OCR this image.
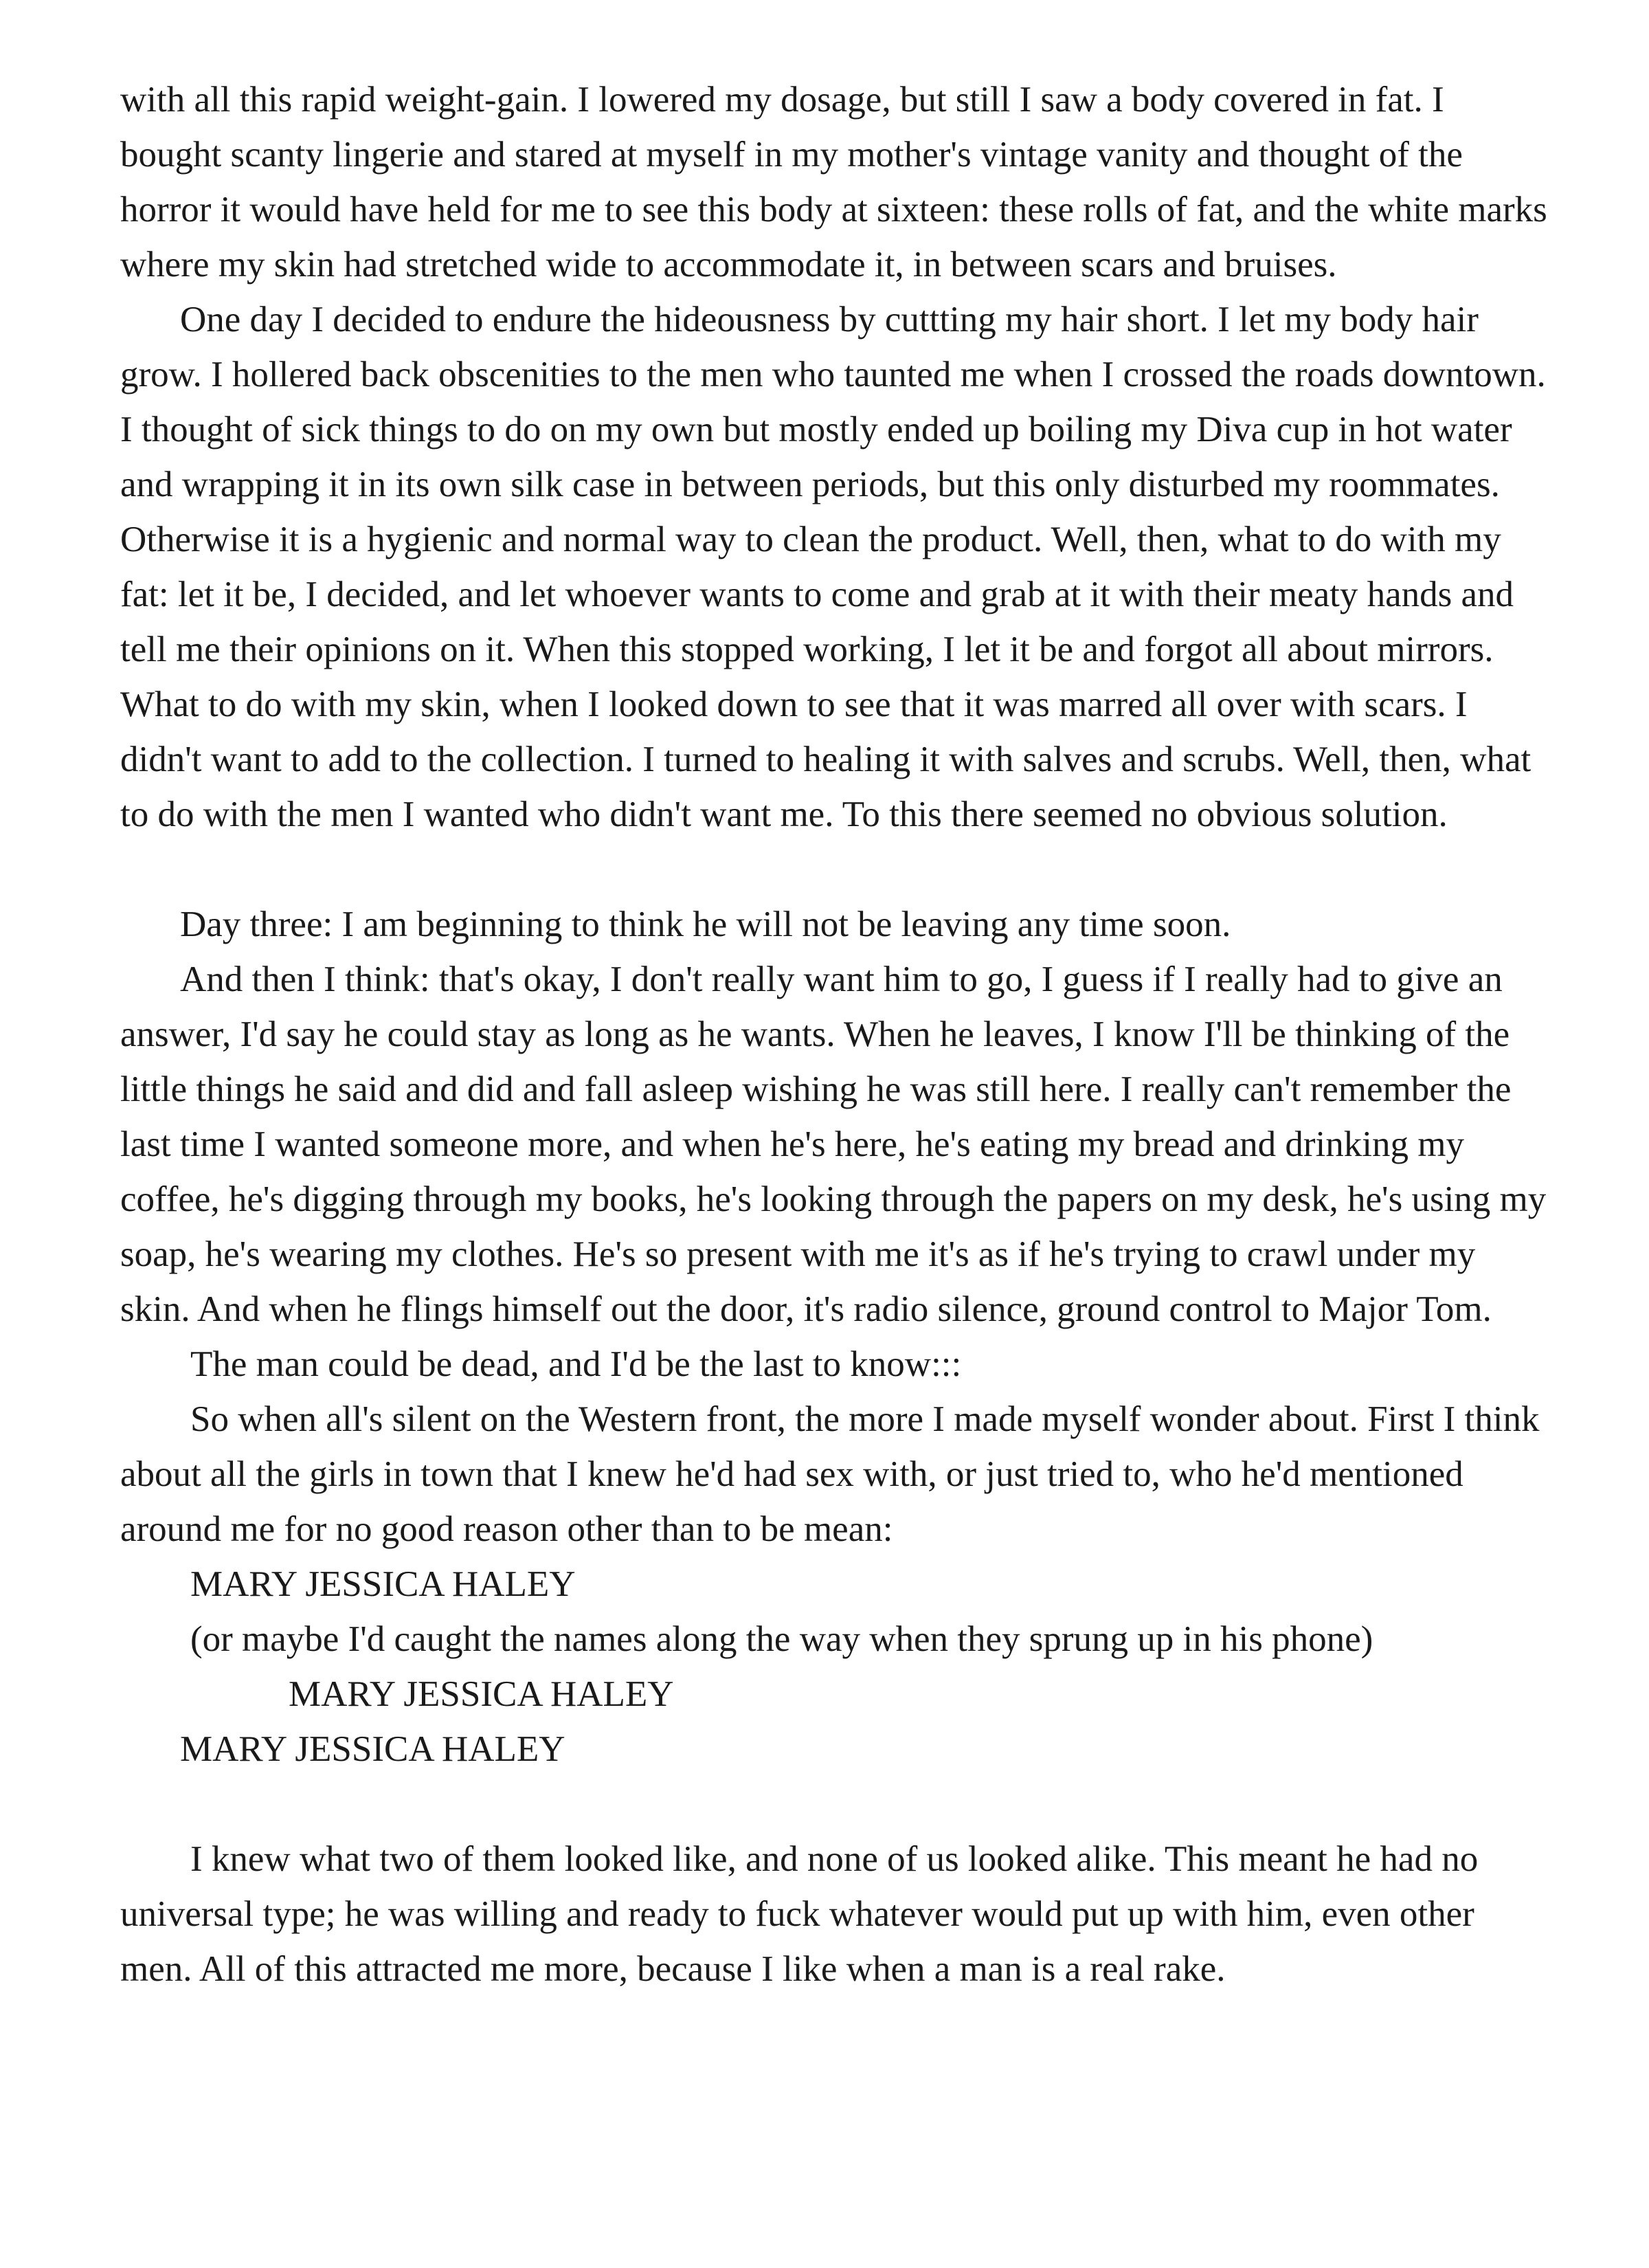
with all this rapid weight-gain. I lowered my dosage, but still I saw a body covered in fat. I bought scanty lingerie and stared at myself in my mother's vintage vanity and thought of the horror it would have held for me to see this body at sixteen: these rolls of fat, and the white marks where my skin had stretched wide to accommodate it, in between scars and bruises.

One day I decided to endure the hideousness by cuttting my hair short. I let my body hair grow. I hollered back obscenities to the men who taunted me when I crossed the roads downtown. I thought of sick things to do on my own but mostly ended up boiling my Diva cup in hot water and wrapping it in its own silk case in between periods, but this only disturbed my roommates. Otherwise it is a hygienic and normal way to clean the product. Well, then, what to do with my fat: let it be, I decided, and let whoever wants to come and grab at it with their meaty hands and tell me their opinions on it. When this stopped working, I let it be and forgot all about mirrors. What to do with my skin, when I looked down to see that it was marred all over with scars. I didn't want to add to the collection. I turned to healing it with salves and scrubs. Well, then, what to do with the men I wanted who didn't want me. To this there seemed no obvious solution.

Day three: I am beginning to think he will not be leaving any time soon.

And then I think: that's okay, I don't really want him to go, I guess if I really had to give an answer, I'd say he could stay as long as he wants. When he leaves, I know I'll be thinking of the little things he said and did and fall asleep wishing he was still here. I really can't remember the last time I wanted someone more, and when he's here, he's eating my bread and drinking my coffee, he's digging through my books, he's looking through the papers on my desk, he's using my soap, he's wearing my clothes. He's so present with me it's as if he's trying to crawl under my skin. And when he flings himself out the door, it's radio silence, ground control to Major Tom.

The man could be dead, and I'd be the last to know:::

So when all's silent on the Western front, the more I made myself wonder about. First I think about all the girls in town that I knew he'd had sex with, or just tried to, who he'd mentioned around me for no good reason other than to be mean:

MARY JESSICA HALEY

(or maybe I'd caught the names along the way when they sprung up in his phone)

MARY JESSICA HALEY

MARY JESSICA HALEY

I knew what two of them looked like, and none of us looked alike. This meant he had no universal type; he was willing and ready to fuck whatever would put up with him, even other men. All of this attracted me more, because I like when a man is a real rake.
